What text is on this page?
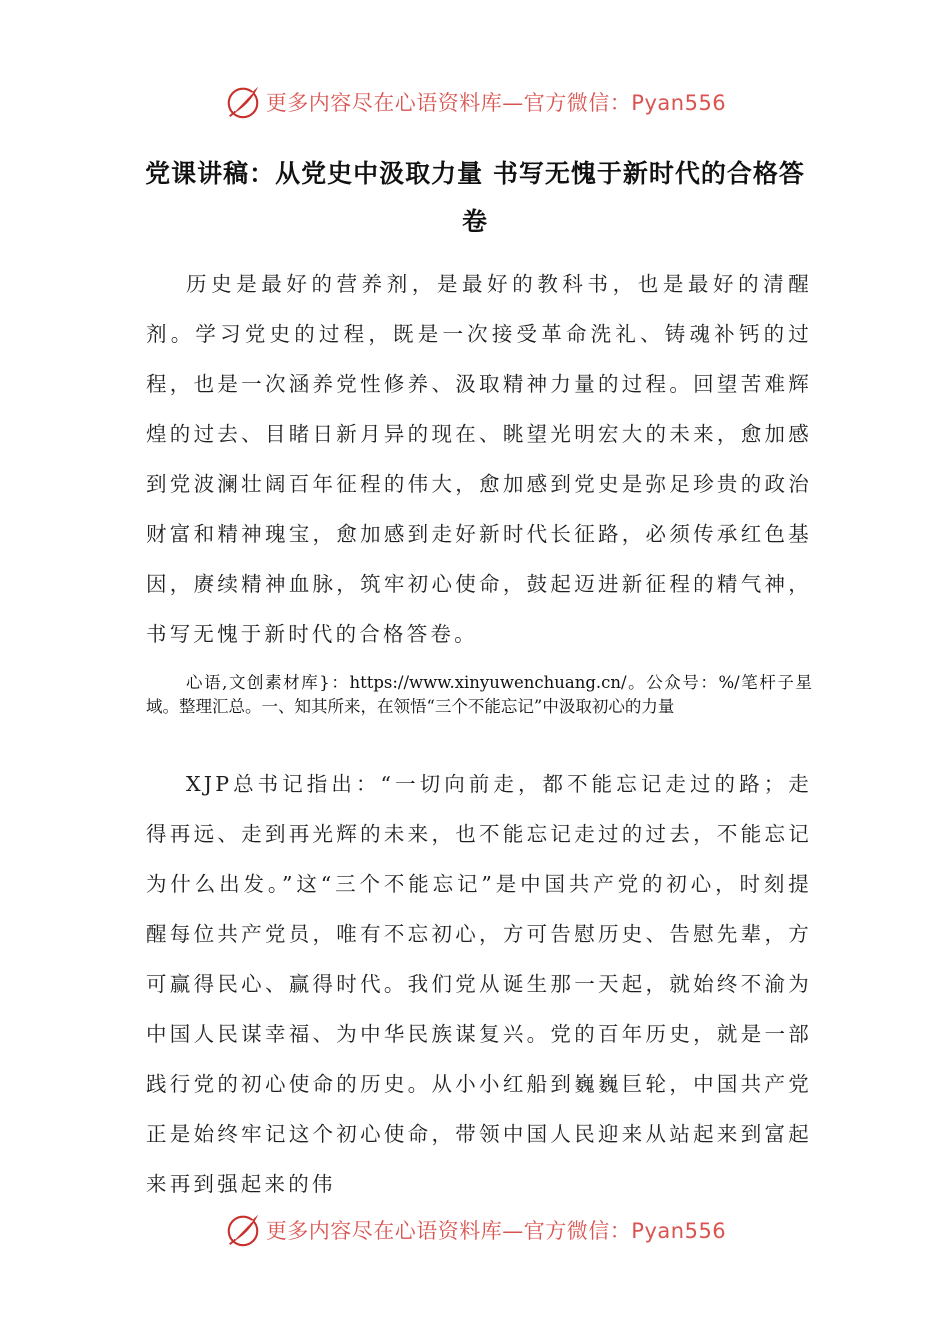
更多内容尽在心语资料库—官方微信：Pyan556
党课讲稿：从党史中汲取力量 书写无愧于新时代的合格答卷
历史是最好的营养剂，是最好的教科书，也是最好的清醒剂。学习党史的过程，既是一次接受革命洗礼、铸魂补钙的过程，也是一次涵养党性修养、汲取精神力量的过程。回望苦难辉煌的过去、目睹日新月异的现在、眺望光明宏大的未来，愈加感到党波澜壮阔百年征程的伟大，愈加感到党史是弥足珍贵的政治财富和精神瑰宝，愈加感到走好新时代长征路，必须传承红色基因，赓续精神血脉，筑牢初心使命，鼓起迈进新征程的精气神，书写无愧于新时代的合格答卷。
心语,文创素材库}：https://www.xinyuwenchuang.cn/。公众号：%/笔杆子星域。整理汇总。一、知其所来，在领悟“三个不能忘记”中汲取初心的力量
XJP总书记指出：“一切向前走，都不能忘记走过的路；走得再远、走到再光辉的未来，也不能忘记走过的过去，不能忘记为什么出发。”这“三个不能忘记”是中国共产党的初心，时刻提醒每位共产党员，唯有不忘初心，方可告慰历史、告慰先辈，方可赢得民心、赢得时代。我们党从诞生那一天起，就始终不渝为中国人民谋幸福、为中华民族谋复兴。党的百年历史，就是一部践行党的初心使命的历史。从小小红船到巍巍巨轮，中国共产党正是始终牢记这个初心使命，带领中国人民迎来从站起来到富起来再到强起来的伟
更多内容尽在心语资料库—官方微信：Pyan556
